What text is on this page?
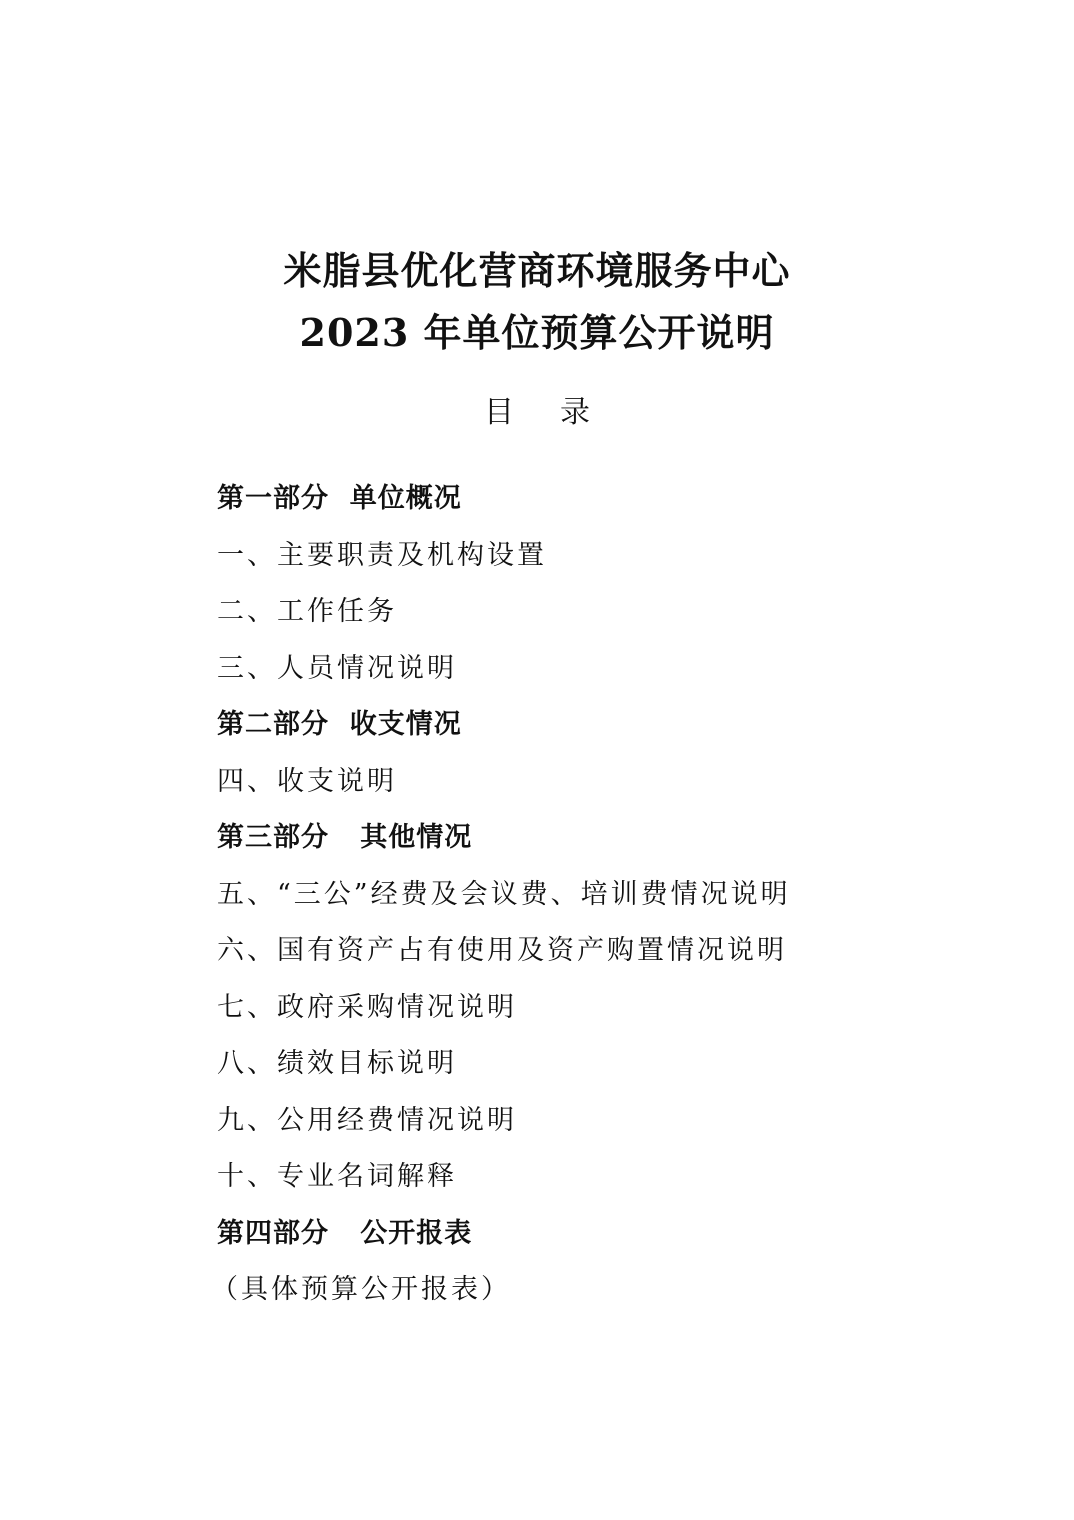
米脂县优化营商环境服务中心
2023 年单位预算公开说明
目 录
第一部分  单位概况
一、主要职责及机构设置
二、工作任务
三、人员情况说明
第二部分  收支情况
四、收支说明
第三部分   其他情况
五、“三公”经费及会议费、培训费情况说明
六、国有资产占有使用及资产购置情况说明
七、政府采购情况说明
八、绩效目标说明
九、公用经费情况说明
十、专业名词解释
第四部分   公开报表
（具体预算公开报表）
